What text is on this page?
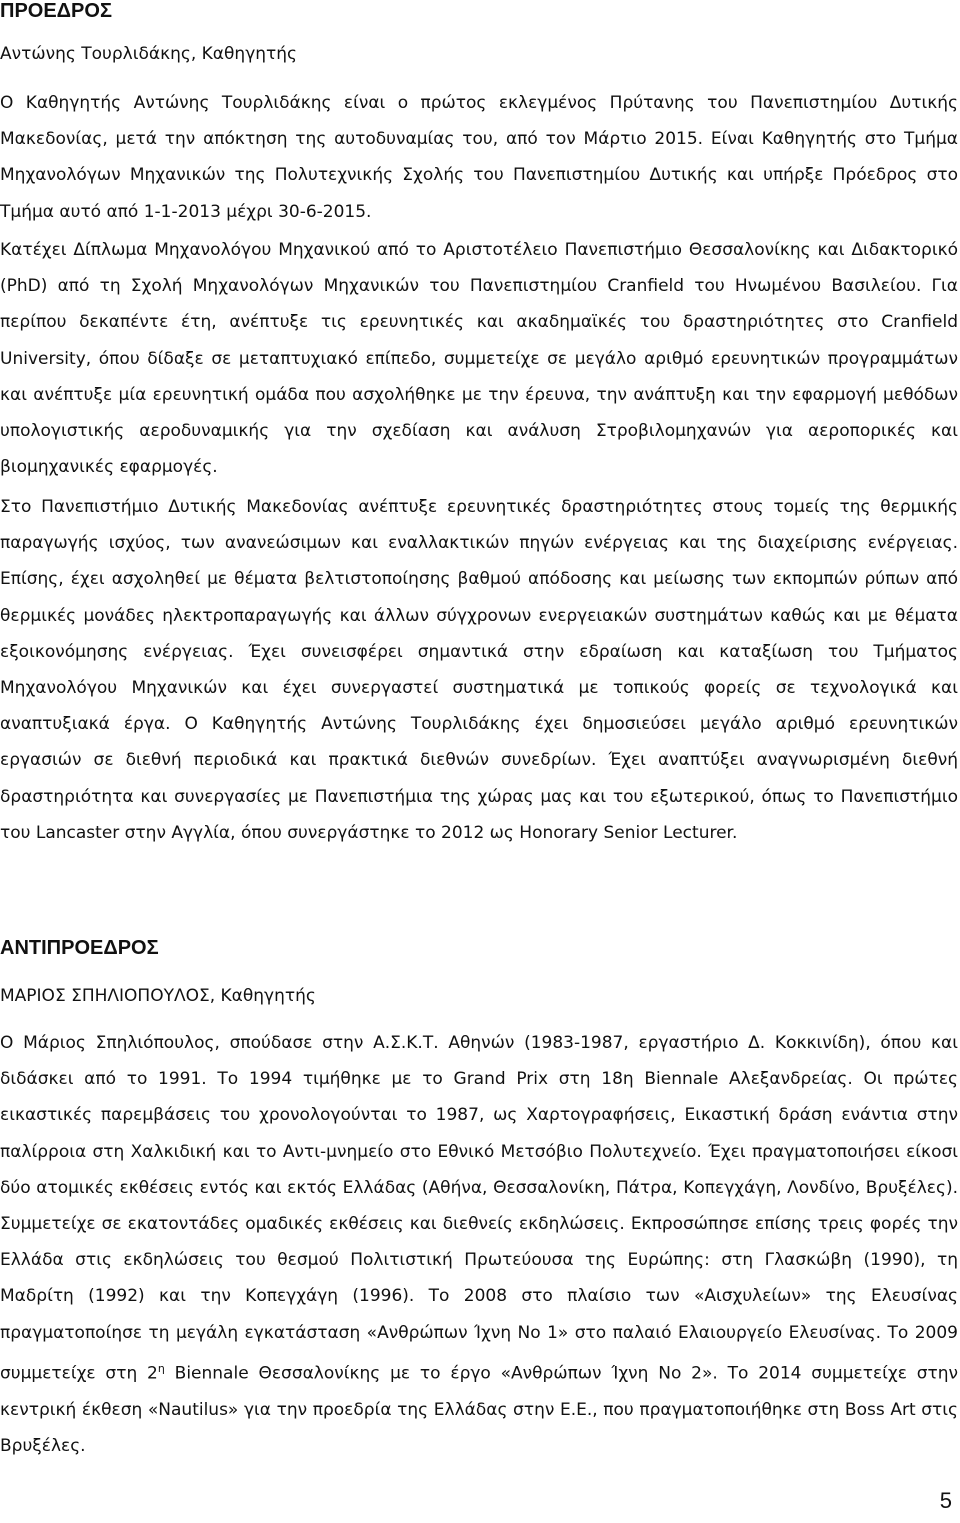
ΠΡΟΕΔΡΟΣ

Αντώνης Τουρλιδάκης, Καθηγητής

Ο Καθηγητής Αντώνης Τουρλιδάκης είναι ο πρώτος εκλεγμένος Πρύτανης του Πανεπιστημίου Δυτικής Μακεδονίας, μετά την απόκτηση της αυτοδυναμίας του, από τον Μάρτιο 2015. Είναι Καθηγητής στο Τμήμα Μηχανολόγων Μηχανικών της Πολυτεχνικής Σχολής του Πανεπιστημίου Δυτικής και υπήρξε Πρόεδρος στο Τμήμα αυτό από 1-1-2013 μέχρι 30-6-2015.

Κατέχει Δίπλωμα Μηχανολόγου Μηχανικού από το Αριστοτέλειο Πανεπιστήμιο Θεσσαλονίκης και Διδακτορικό (PhD) από τη Σχολή Μηχανολόγων Μηχανικών του Πανεπιστημίου Cranfield του Ηνωμένου Βασιλείου. Για περίπου δεκαπέντε έτη, ανέπτυξε τις ερευνητικές και ακαδημαϊκές του δραστηριότητες στο Cranfield University, όπου δίδαξε σε μεταπτυχιακό επίπεδο, συμμετείχε σε μεγάλο αριθμό ερευνητικών προγραμμάτων και ανέπτυξε μία ερευνητική ομάδα που ασχολήθηκε με την έρευνα, την ανάπτυξη και την εφαρμογή μεθόδων υπολογιστικής αεροδυναμικής για την σχεδίαση και ανάλυση Στροβιλομηχανών για αεροπορικές και βιομηχανικές εφαρμογές.

Στο Πανεπιστήμιο Δυτικής Μακεδονίας ανέπτυξε ερευνητικές δραστηριότητες στους τομείς της θερμικής παραγωγής ισχύος, των ανανεώσιμων και εναλλακτικών πηγών ενέργειας και της διαχείρισης ενέργειας. Επίσης, έχει ασχοληθεί με θέματα βελτιστοποίησης βαθμού απόδοσης και μείωσης των εκπομπών ρύπων από θερμικές μονάδες ηλεκτροπαραγωγής και άλλων σύγχρονων ενεργειακών συστημάτων καθώς και με θέματα εξοικονόμησης ενέργειας. Έχει συνεισφέρει σημαντικά στην εδραίωση και καταξίωση του Τμήματος Μηχανολόγου Μηχανικών και έχει συνεργαστεί συστηματικά με τοπικούς φορείς σε τεχνολογικά και αναπτυξιακά έργα. Ο Καθηγητής Αντώνης Τουρλιδάκης έχει δημοσιεύσει μεγάλο αριθμό ερευνητικών εργασιών σε διεθνή περιοδικά και πρακτικά διεθνών συνεδρίων. Έχει αναπτύξει αναγνωρισμένη διεθνή δραστηριότητα και συνεργασίες με Πανεπιστήμια της χώρας μας και του εξωτερικού, όπως το Πανεπιστήμιο του Lancaster στην Αγγλία, όπου συνεργάστηκε το 2012 ως Honorary Senior Lecturer.

ΑΝΤΙΠΡΟΕΔΡΟΣ

ΜΑΡΙΟΣ ΣΠΗΛΙΟΠΟΥΛΟΣ, Καθηγητής

Ο Μάριος Σπηλιόπουλος, σπούδασε στην Α.Σ.Κ.Τ. Αθηνών (1983-1987, εργαστήριο Δ. Κοκκινίδη), όπου και διδάσκει από το 1991. Το 1994 τιμήθηκε με το Grand Prix στη 18η Biennale Αλεξανδρείας. Οι πρώτες εικαστικές παρεμβάσεις του χρονολογούνται το 1987, ως Χαρτογραφήσεις, Εικαστική δράση ενάντια στην παλίρροια στη Χαλκιδική και το Αντι-μνημείο στο Εθνικό Μετσόβιο Πολυτεχνείο. Έχει πραγματοποιήσει είκοσι δύο ατομικές εκθέσεις εντός και εκτός Ελλάδας (Αθήνα, Θεσσαλονίκη, Πάτρα, Κοπεγχάγη, Λονδίνο, Βρυξέλες). Συμμετείχε σε εκατοντάδες ομαδικές εκθέσεις και διεθνείς εκδηλώσεις. Εκπροσώπησε επίσης τρεις φορές την Ελλάδα στις εκδηλώσεις του θεσμού Πολιτιστική Πρωτεύουσα της Ευρώπης: στη Γλασκώβη (1990), τη Μαδρίτη (1992) και την Κοπεγχάγη (1996). Το 2008 στο πλαίσιο των «Αισχυλείων» της Ελευσίνας πραγματοποίησε τη μεγάλη εγκατάσταση «Ανθρώπων Ίχνη Νο 1» στο παλαιό Ελαιουργείο Ελευσίνας. Το 2009 συμμετείχε στη $2^\eta$ Biennale Θεσσαλονίκης με το έργο «Ανθρώπων Ίχνη Νο 2». Το 2014 συμμετείχε στην κεντρική έκθεση «Nautilus» για την προεδρία της Ελλάδας στην Ε.Ε., που πραγματοποιήθηκε στη Boss Art στις Βρυξέλες.

5
